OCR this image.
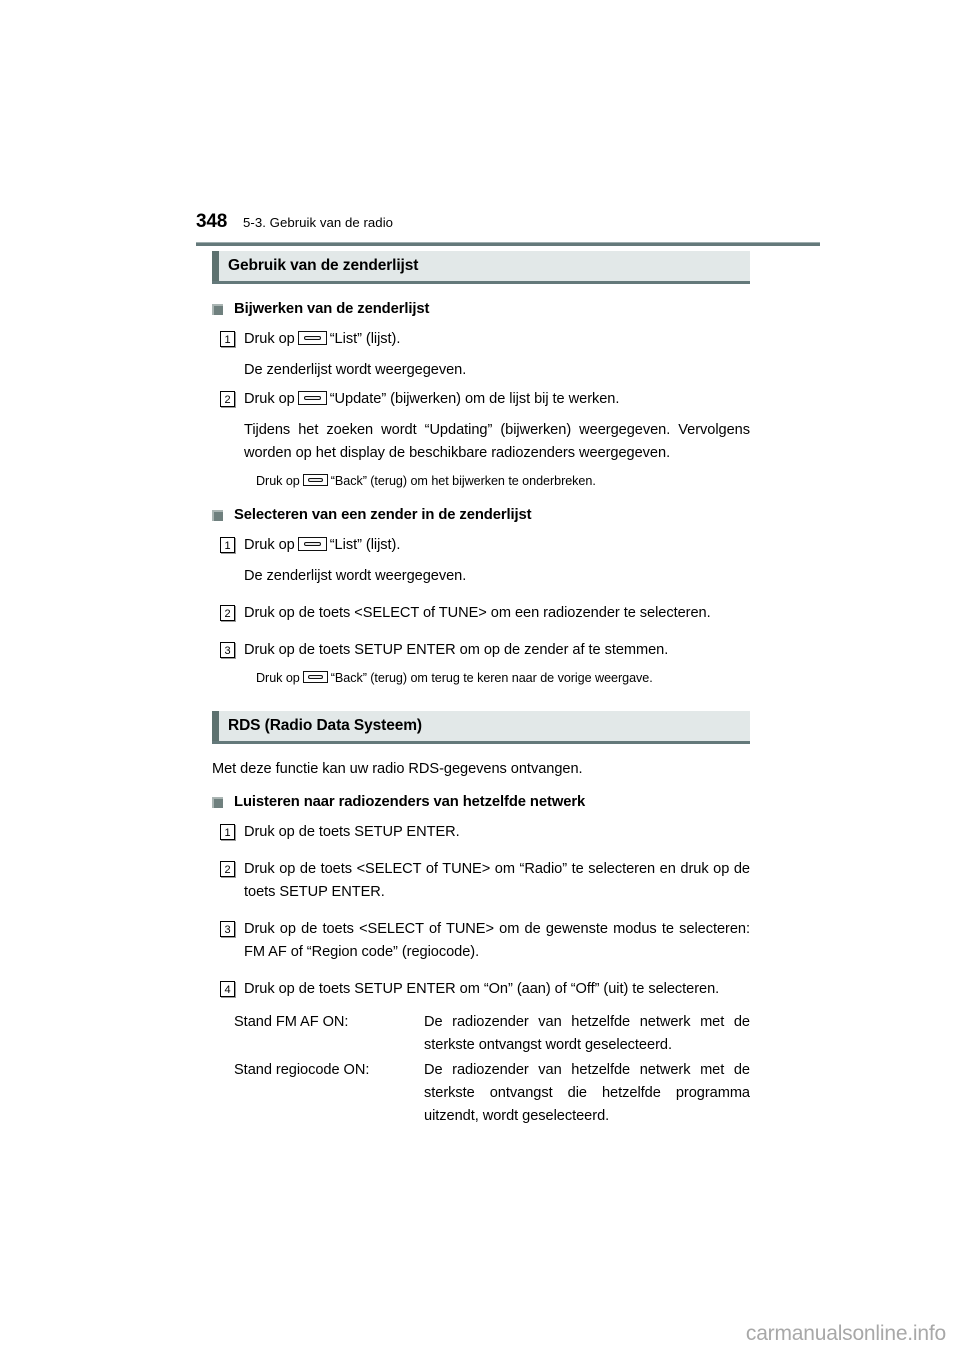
348 5-3. Gebruik van de radio
Gebruik van de zenderlijst
Bijwerken van de zenderlijst
1 Druk op “List” (lijst).
De zenderlijst wordt weergegeven.
2 Druk op “Update” (bijwerken) om de lijst bij te werken.
Tijdens het zoeken wordt “Updating” (bijwerken) weergegeven. Vervolgens worden op het display de beschikbare radiozenders weergegeven.
Druk op “Back” (terug) om het bijwerken te onderbreken.
Selecteren van een zender in de zenderlijst
1 Druk op “List” (lijst).
De zenderlijst wordt weergegeven.
2 Druk op de toets <SELECT of TUNE> om een radiozender te selecteren.
3 Druk op de toets SETUP ENTER om op de zender af te stemmen.
Druk op “Back” (terug) om terug te keren naar de vorige weergave.
RDS (Radio Data Systeem)
Met deze functie kan uw radio RDS-gegevens ontvangen.
Luisteren naar radiozenders van hetzelfde netwerk
1 Druk op de toets SETUP ENTER.
2 Druk op de toets <SELECT of TUNE> om “Radio” te selecteren en druk op de toets SETUP ENTER.
3 Druk op de toets <SELECT of TUNE> om de gewenste modus te selecteren: FM AF of “Region code” (regiocode).
4 Druk op de toets SETUP ENTER om “On” (aan) of “Off” (uit) te selecteren.
Stand FM AF ON:	De radiozender van hetzelfde netwerk met de sterkste ontvangst wordt geselecteerd.
Stand regiocode ON:	De radiozender van hetzelfde netwerk met de sterkste ontvangst die hetzelfde programma uitzendt, wordt geselecteerd.
carmanualsonline.info
